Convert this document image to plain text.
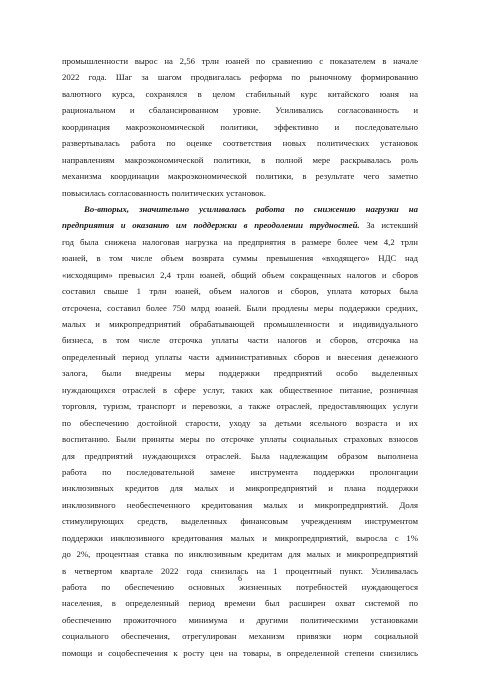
промышленности вырос на 2,56 трлн юаней по сравнению с показателем в начале
2022 года. Шаг за шагом продвигалась реформа по рыночному формированию
валютного курса, сохранялся в целом стабильный курс китайского юаня на
рациональном и сбалансированном уровне. Усиливались согласованность и
координация макроэкономической политики, эффективно и последовательно
развертывалась работа по оценке соответствия новых политических установок
направлениям макроэкономической политики, в полной мере раскрывалась роль
механизма координации макроэкономической политики, в результате чего заметно
повысилась согласованность политических установок.
Во-вторых, значительно усиливалась работа по снижению нагрузки на
предприятия и оказанию им поддержки в преодолении трудностей. За истекший
год была снижена налоговая нагрузка на предприятия в размере более чем 4,2 трлн
юаней, в том числе объем возврата суммы превышения «входящего» НДС над
«исходящим» превысил 2,4 трлн юаней, общий объем сокращенных налогов и сборов
составил свыше 1 трлн юаней, объем налогов и сборов, уплата которых была
отсрочена, составил более 750 млрд юаней. Были продлены меры поддержки средних,
малых и микропредприятий обрабатывающей промышленности и индивидуального
бизнеса, в том числе отсрочка уплаты части налогов и сборов, отсрочка на
определенный период уплаты части административных сборов и внесения денежного
залога, были внедрены меры поддержки предприятий особо выделенных
нуждающихся отраслей в сфере услуг, таких как общественное питание, розничная
торговля, туризм, транспорт и перевозки, а также отраслей, предоставляющих услуги
по обеспечению достойной старости, уходу за детьми ясельного возраста и их
воспитанию. Были приняты меры по отсрочке уплаты социальных страховых взносов
для предприятий нуждающихся отраслей. Была надлежащим образом выполнена
работа по последовательной замене инструмента поддержки пролонгации
инклюзивных кредитов для малых и микропредприятий и плана поддержки
инклюзивного необеспеченного кредитования малых и микропредприятий. Доля
стимулирующих средств, выделенных финансовым учреждениям инструментом
поддержки инклюзивного кредитования малых и микропредприятий, выросла с 1%
до 2%, процентная ставка по инклюзивным кредитам для малых и микропредприятий
в четвертом квартале 2022 года снизилась на 1 процентный пункт. Усиливалась
работа по обеспечению основных жизненных потребностей нуждающегося
населения, в определенный период времени был расширен охват системой по
обеспечению прожиточного минимума и другими политическими установками
социального обеспечения, отрегулирован механизм привязки норм социальной
помощи и соцобеспечения к росту цен на товары, в определенной степени снизились
6
